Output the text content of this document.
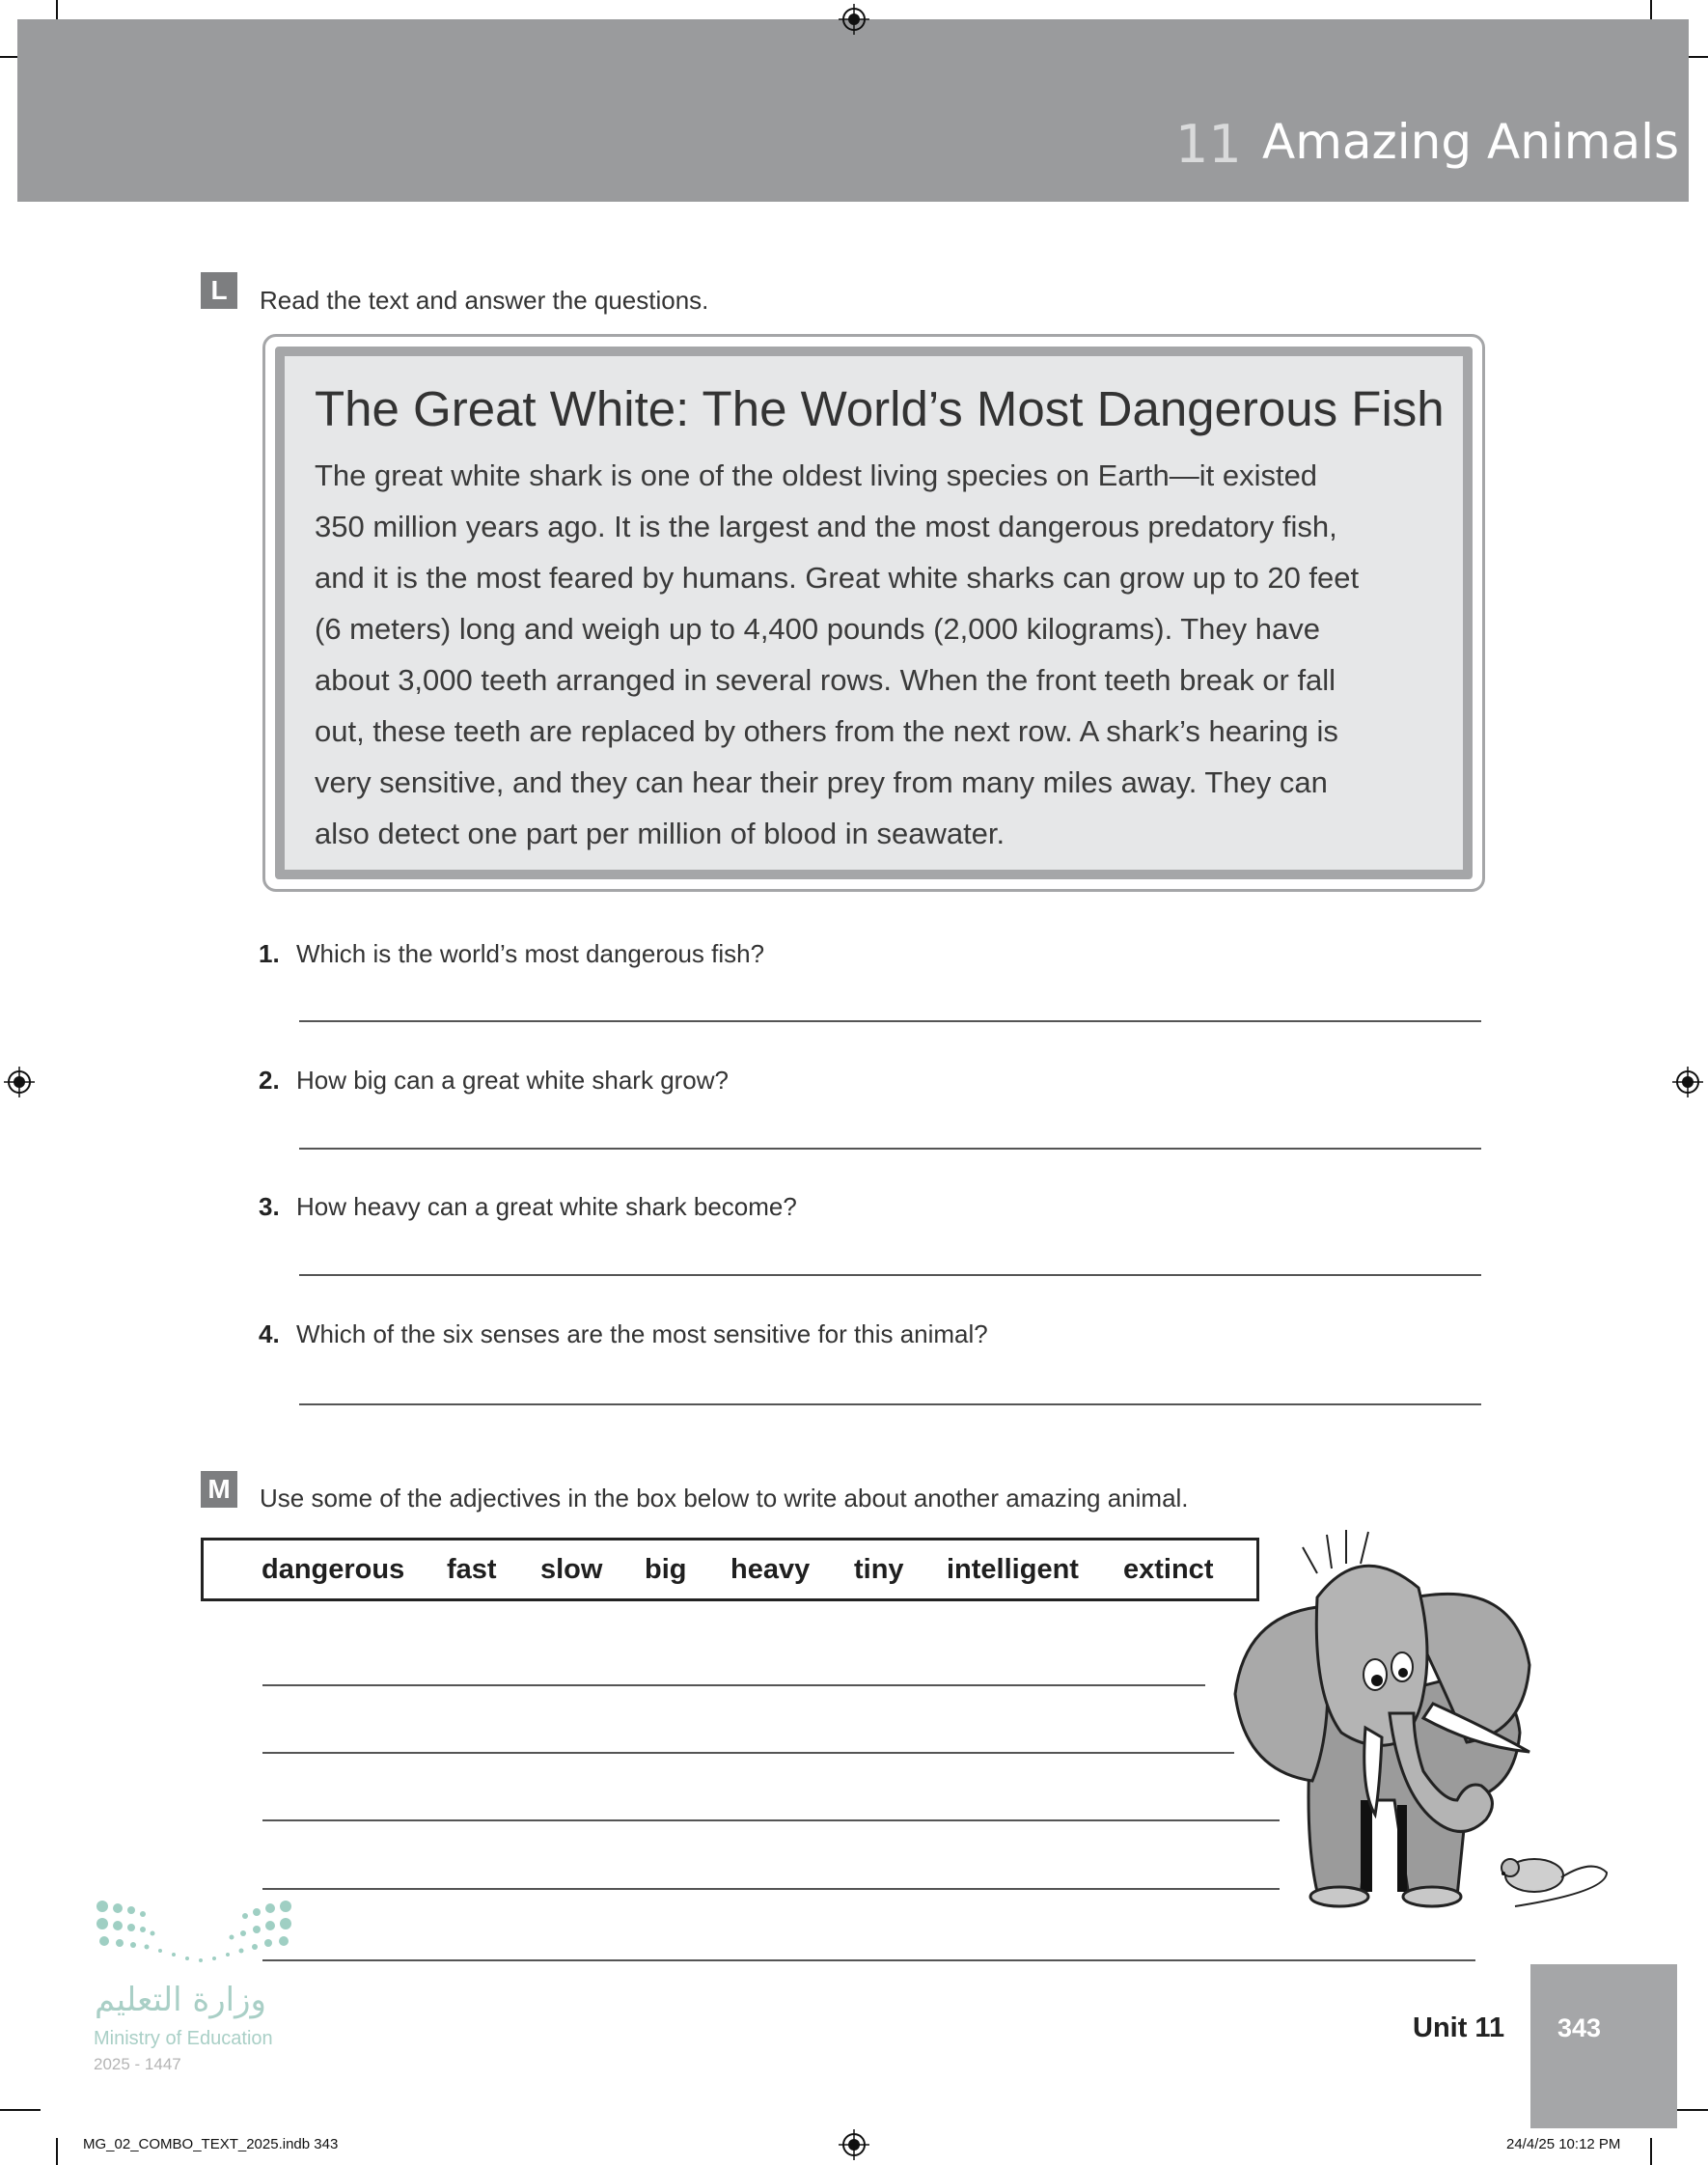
11 Amazing Animals
L	Read the text and answer the questions.
The Great White: The World’s Most Dangerous Fish
The great white shark is one of the oldest living species on Earth—it existed
350 million years ago. It is the largest and the most dangerous predatory fish,
and it is the most feared by humans. Great white sharks can grow up to 20 feet
(6 meters) long and weigh up to 4,400 pounds (2,000 kilograms). They have
about 3,000 teeth arranged in several rows. When the front teeth break or fall
out, these teeth are replaced by others from the next row. A shark’s hearing is
very sensitive, and they can hear their prey from many miles away. They can
also detect one part per million of blood in seawater.
1. Which is the world’s most dangerous fish?
2. How big can a great white shark grow?
3. How heavy can a great white shark become?
4. Which of the six senses are the most sensitive for this animal?
M Use some of the adjectives in the box below to write about another amazing animal.
dangerous fast slow big heavy tiny intelligent extinct
وزارة التعليم
Ministry of Education
2025 - 1447
Unit 11 343
MG_02_COMBO_TEXT_2025.indb 343	24/4/25 10:12 PM
